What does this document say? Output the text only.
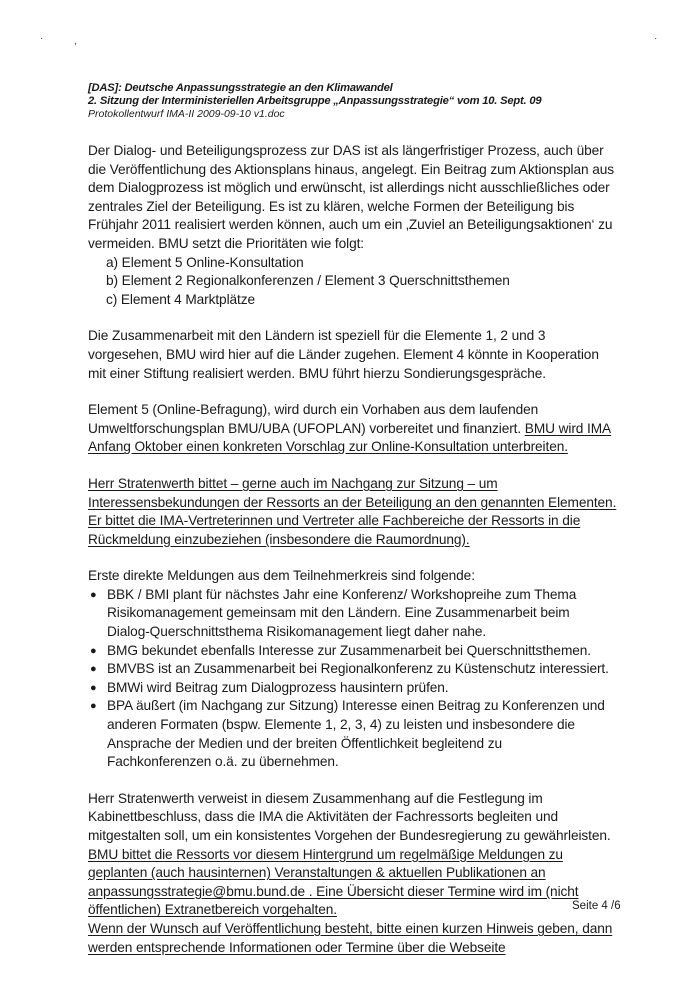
·	,	·
[DAS]: Deutsche Anpassungsstrategie an den Klimawandel
2. Sitzung der Interministeriellen Arbeitsgruppe „Anpassungsstrategie“ vom 10. Sept. 09
Protokollentwurf IMA-II 2009-09-10 v1.doc
Der Dialog- und Beteiligungsprozess zur DAS ist als längerfristiger Prozess, auch über
die Veröffentlichung des Aktionsplans hinaus, angelegt. Ein Beitrag zum Aktionsplan aus
dem Dialogprozess ist möglich und erwünscht, ist allerdings nicht ausschließliches oder
zentrales Ziel der Beteiligung. Es ist zu klären, welche Formen der Beteiligung bis
Frühjahr 2011 realisiert werden können, auch um ein ‚Zuviel an Beteiligungsaktionen‘ zu
vermeiden. BMU setzt die Prioritäten wie folgt:
a) Element 5 Online-Konsultation
b) Element 2 Regionalkonferenzen / Element 3 Querschnittsthemen
c) Element 4 Marktplätze
Die Zusammenarbeit mit den Ländern ist speziell für die Elemente 1, 2 und 3
vorgesehen, BMU wird hier auf die Länder zugehen. Element 4 könnte in Kooperation
mit einer Stiftung realisiert werden. BMU führt hierzu Sondierungsgespräche.
Element 5 (Online-Befragung), wird durch ein Vorhaben aus dem laufenden
Umweltforschungsplan BMU/UBA (UFOPLAN) vorbereitet und finanziert. BMU wird IMA
Anfang Oktober einen konkreten Vorschlag zur Online-Konsultation unterbreiten.
Herr Stratenwerth bittet – gerne auch im Nachgang zur Sitzung – um
Interessensbekundungen der Ressorts an der Beteiligung an den genannten Elementen.
Er bittet die IMA-Vertreterinnen und Vertreter alle Fachbereiche der Ressorts in die
Rückmeldung einzubeziehen (insbesondere die Raumordnung).
Erste direkte Meldungen aus dem Teilnehmerkreis sind folgende:
● BBK / BMI plant für nächstes Jahr eine Konferenz/ Workshopreihe zum Thema
Risikomanagement gemeinsam mit den Ländern. Eine Zusammenarbeit beim
Dialog-Querschnittsthema Risikomanagement liegt daher nahe.
● BMG bekundet ebenfalls Interesse zur Zusammenarbeit bei Querschnittsthemen.
● BMVBS ist an Zusammenarbeit bei Regionalkonferenz zu Küstenschutz interessiert.
● BMWi wird Beitrag zum Dialogprozess hausintern prüfen.
● BPA äußert (im Nachgang zur Sitzung) Interesse einen Beitrag zu Konferenzen und
anderen Formaten (bspw. Elemente 1, 2, 3, 4) zu leisten und insbesondere die
Ansprache der Medien und der breiten Öffentlichkeit begleitend zu
Fachkonferenzen o.ä. zu übernehmen.
Herr Stratenwerth verweist in diesem Zusammenhang auf die Festlegung im
Kabinettbeschluss, dass die IMA die Aktivitäten der Fachressorts begleiten und
mitgestalten soll, um ein konsistentes Vorgehen der Bundesregierung zu gewährleisten.
BMU bittet die Ressorts vor diesem Hintergrund um regelmäßige Meldungen zu
geplanten (auch hausinternen) Veranstaltungen & aktuellen Publikationen an
anpassungsstrategie@bmu.bund.de . Eine Übersicht dieser Termine wird im (nicht
öffentlichen) Extranetbereich vorgehalten.
Wenn der Wunsch auf Veröffentlichung besteht, bitte einen kurzen Hinweis geben, dann
werden entsprechende Informationen oder Termine über die Webseite
Seite 4 /6
